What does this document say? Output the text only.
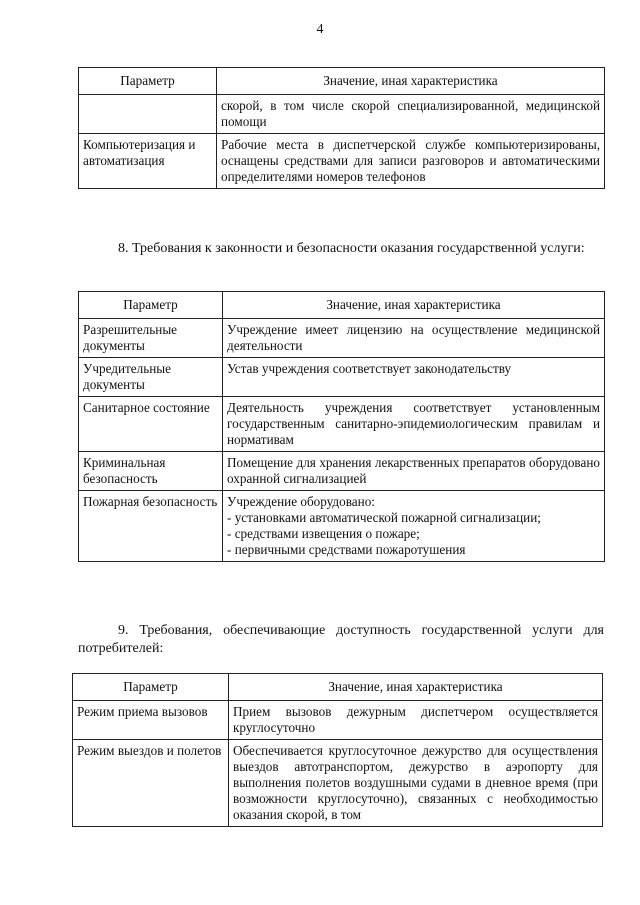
4
Параметр	Значение, иная характеристика
	скорой, в том числе скорой специализированной, медицинской помощи
Компьютеризация и автоматизация	Рабочие места в диспетчерской службе компьютеризированы, оснащены средствами для записи разговоров и автоматическими определителями номеров телефонов
8. Требования к законности и безопасности оказания государственной услуги:
Параметр	Значение, иная характеристика
Разрешительные документы	Учреждение имеет лицензию на осуществление медицинской деятельности
Учредительные документы	Устав учреждения соответствует законодательству
Санитарное состояние	Деятельность учреждения соответствует установленным государственным санитарно-эпидемиологическим правилам и нормативам
Криминальная безопасность	Помещение для хранения лекарственных препаратов оборудовано охранной сигнализацией
Пожарная безопасность	Учреждение оборудовано:
- установками автоматической пожарной сигнализации;
- средствами извещения о пожаре;
- первичными средствами пожаротушения
9. Требования, обеспечивающие доступность государственной услуги для потребителей:
Параметр	Значение, иная характеристика
Режим приема вызовов	Прием вызовов дежурным диспетчером осуществляется круглосуточно
Режим выездов и полетов	Обеспечивается круглосуточное дежурство для осуществления выездов автотранспортом, дежурство в аэропорту для выполнения полетов воздушными судами в дневное время (при возможности круглосуточно), связанных с необходимостью оказания скорой, в том
